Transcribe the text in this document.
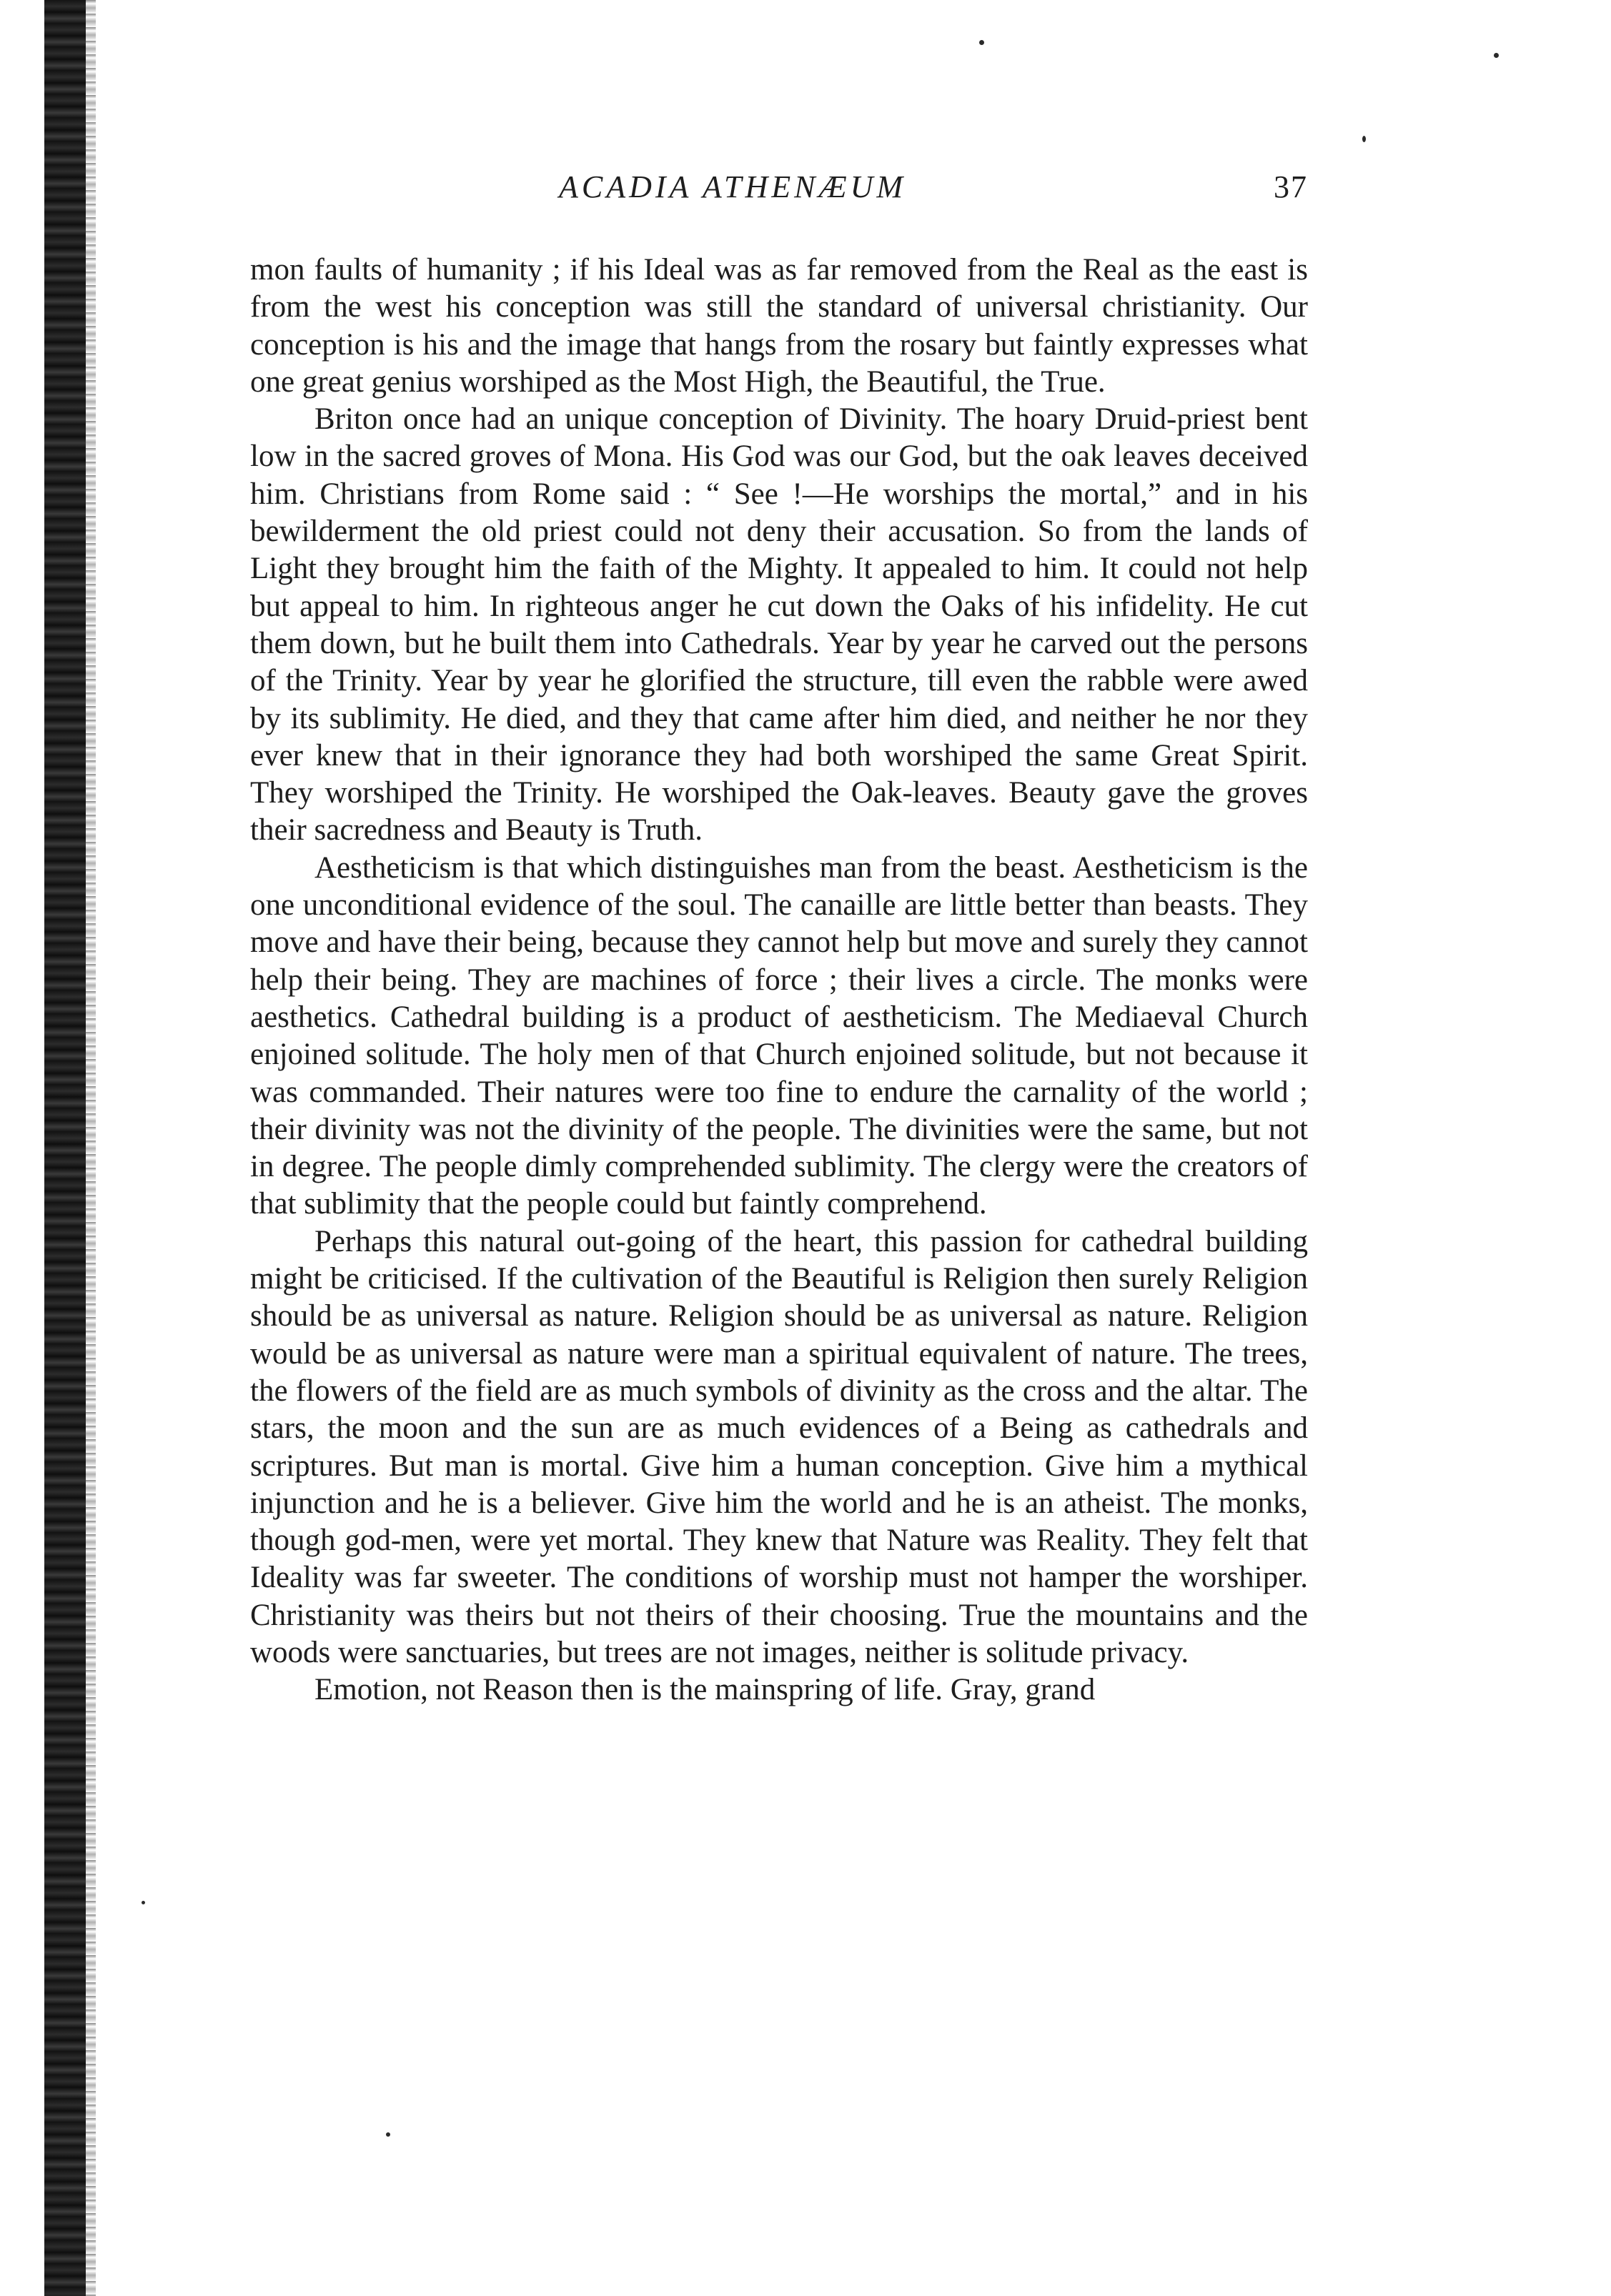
ACADIA ATHENÆUM	37

mon faults of humanity ; if his Ideal was as far removed from the Real as the east is from the west his conception was still the standard of universal christianity. Our conception is his and the image that hangs from the rosary but faintly expresses what one great genius worshiped as the Most High, the Beautiful, the True.

Briton once had an unique conception of Divinity. The hoary Druid-priest bent low in the sacred groves of Mona. His God was our God, but the oak leaves deceived him. Christians from Rome said : “ See !—He worships the mortal,” and in his bewilderment the old priest could not deny their accusation. So from the lands of Light they brought him the faith of the Mighty. It appealed to him. It could not help but appeal to him. In righteous anger he cut down the Oaks of his infidelity. He cut them down, but he built them into Cathedrals. Year by year he carved out the persons of the Trinity. Year by year he glorified the structure, till even the rabble were awed by its sublimity. He died, and they that came after him died, and neither he nor they ever knew that in their ignorance they had both worshiped the same Great Spirit. They worshiped the Trinity. He worshiped the Oak-leaves. Beauty gave the groves their sacredness and Beauty is Truth.

Aestheticism is that which distinguishes man from the beast. Aestheticism is the one unconditional evidence of the soul. The canaille are little better than beasts. They move and have their being, because they cannot help but move and surely they cannot help their being. They are machines of force ; their lives a circle. The monks were aesthetics. Cathedral building is a product of aestheticism. The Mediaeval Church enjoined solitude. The holy men of that Church enjoined solitude, but not because it was commanded. Their natures were too fine to endure the carnality of the world ; their divinity was not the divinity of the people. The divinities were the same, but not in degree. The people dimly comprehended sublimity. The clergy were the creators of that sublimity that the people could but faintly comprehend.

Perhaps this natural out-going of the heart, this passion for cathedral building might be criticised. If the cultivation of the Beautiful is Religion then surely Religion should be as universal as nature. Religion should be as universal as nature. Religion would be as universal as nature were man a spiritual equivalent of nature. The trees, the flowers of the field are as much symbols of divinity as the cross and the altar. The stars, the moon and the sun are as much evidences of a Being as cathedrals and scriptures. But man is mortal. Give him a human conception. Give him a mythical injunction and he is a believer. Give him the world and he is an atheist. The monks, though god-men, were yet mortal. They knew that Nature was Reality. They felt that Ideality was far sweeter. The conditions of worship must not hamper the worshiper. Christianity was theirs but not theirs of their choosing. True the mountains and the woods were sanctuaries, but trees are not images, neither is solitude privacy.

Emotion, not Reason then is the mainspring of life. Gray, grand
